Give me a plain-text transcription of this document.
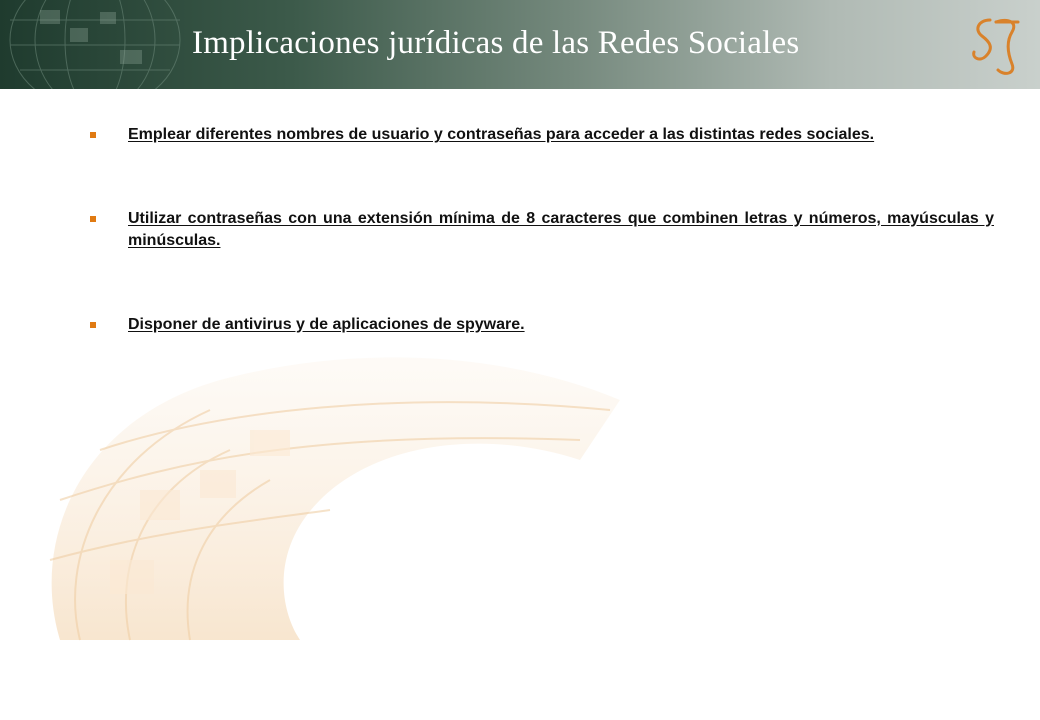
Implicaciones jurídicas de las Redes Sociales
Emplear diferentes nombres de usuario y contraseñas para acceder a las distintas redes sociales.
Utilizar contraseñas con una extensión mínima de 8 caracteres que combinen letras y números, mayúsculas y minúsculas.
Disponer de antivirus y de aplicaciones de spyware.
